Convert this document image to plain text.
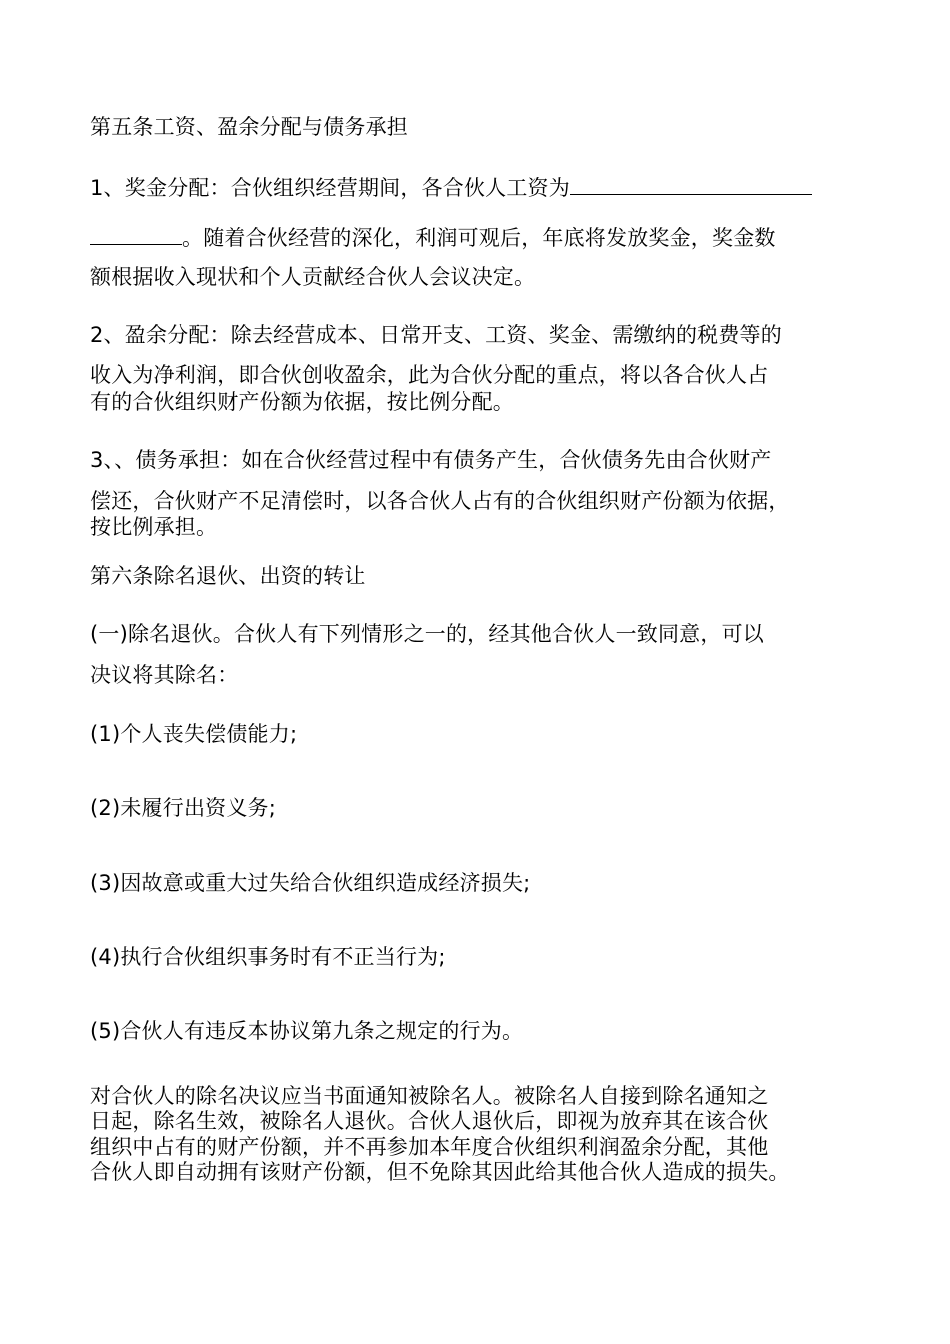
第五条工资、盈余分配与债务承担

1、奖金分配：合伙组织经营期间，各合伙人工资为

。随着合伙经营的深化，利润可观后，年底将发放奖金，奖金数

额根据收入现状和个人贡献经合伙人会议决定。

2、盈余分配：除去经营成本、日常开支、工资、奖金、需缴纳的税费等的

收入为净利润，即合伙创收盈余，此为合伙分配的重点，将以各合伙人占

有的合伙组织财产份额为依据，按比例分配。

3、、债务承担：如在合伙经营过程中有债务产生，合伙债务先由合伙财产

偿还，合伙财产不足清偿时，以各合伙人占有的合伙组织财产份额为依据，

按比例承担。

第六条除名退伙、出资的转让

(一)除名退伙。合伙人有下列情形之一的，经其他合伙人一致同意，可以

决议将其除名：

(1)个人丧失偿债能力;

(2)未履行出资义务;

(3)因故意或重大过失给合伙组织造成经济损失;

(4)执行合伙组织事务时有不正当行为;

(5)合伙人有违反本协议第九条之规定的行为。

对合伙人的除名决议应当书面通知被除名人。被除名人自接到除名通知之

日起，除名生效，被除名人退伙。合伙人退伙后，即视为放弃其在该合伙

组织中占有的财产份额，并不再参加本年度合伙组织利润盈余分配，其他

合伙人即自动拥有该财产份额，但不免除其因此给其他合伙人造成的损失。
